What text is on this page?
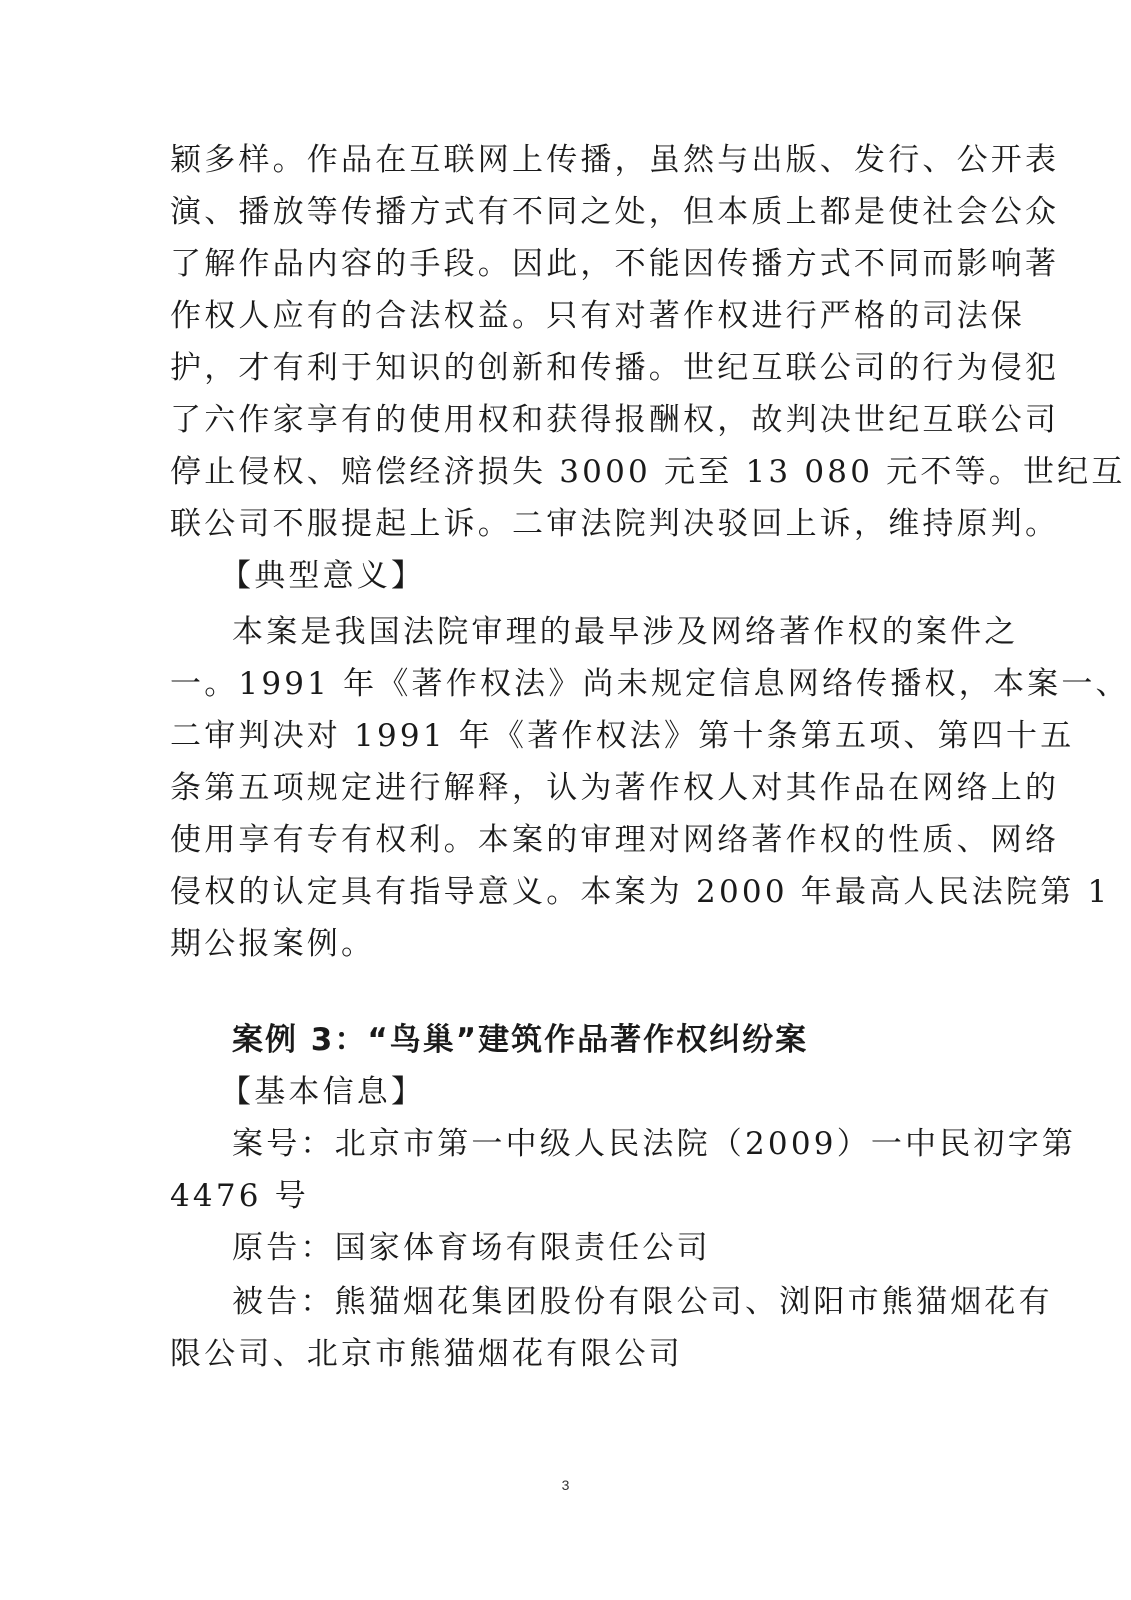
颖多样。作品在互联网上传播，虽然与出版、发行、公开表
演、播放等传播方式有不同之处，但本质上都是使社会公众
了解作品内容的手段。因此，不能因传播方式不同而影响著
作权人应有的合法权益。只有对著作权进行严格的司法保
护，才有利于知识的创新和传播。世纪互联公司的行为侵犯
了六作家享有的使用权和获得报酬权，故判决世纪互联公司
停止侵权、赔偿经济损失 3000 元至 13 080 元不等。世纪互
联公司不服提起上诉。二审法院判决驳回上诉，维持原判。
【典型意义】
本案是我国法院审理的最早涉及网络著作权的案件之
一。1991 年《著作权法》尚未规定信息网络传播权，本案一、
二审判决对 1991 年《著作权法》第十条第五项、第四十五
条第五项规定进行解释，认为著作权人对其作品在网络上的
使用享有专有权利。本案的审理对网络著作权的性质、网络
侵权的认定具有指导意义。本案为 2000 年最高人民法院第 1
期公报案例。
案例 3：“鸟巢”建筑作品著作权纠纷案
【基本信息】
案号：北京市第一中级人民法院（2009）一中民初字第
4476 号
原告：国家体育场有限责任公司
被告：熊猫烟花集团股份有限公司、浏阳市熊猫烟花有
限公司、北京市熊猫烟花有限公司
3
